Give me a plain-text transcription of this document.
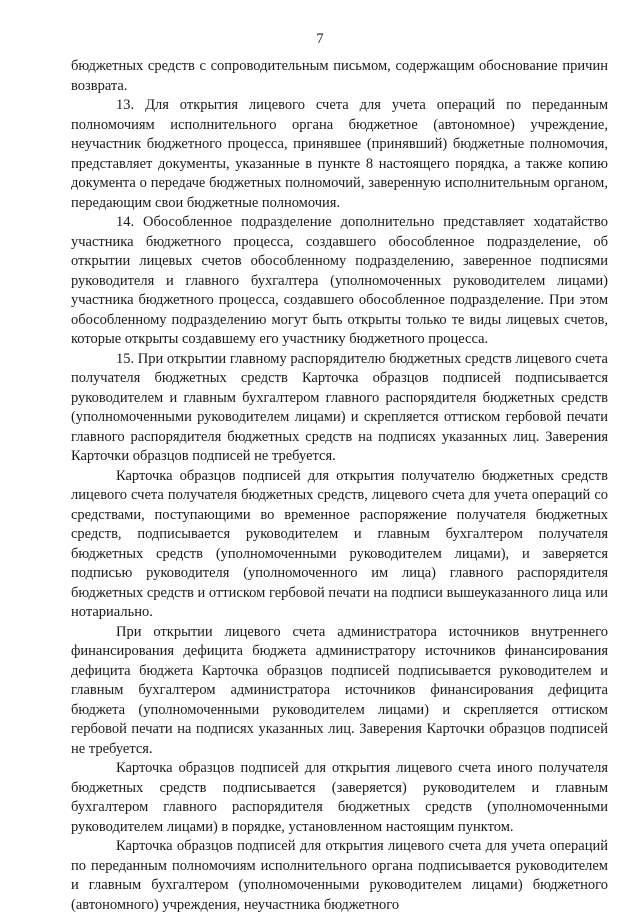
7

бюджетных средств с сопроводительным письмом, содержащим обоснование причин возврата.

13. Для открытия лицевого счета для учета операций по переданным полномочиям исполнительного органа бюджетное (автономное) учреждение, неучастник бюджетного процесса, принявшее (принявший) бюджетные полномочия, представляет документы, указанные в пункте 8 настоящего порядка, а также копию документа о передаче бюджетных полномочий, заверенную исполнительным органом, передающим свои бюджетные полномочия.

14. Обособленное подразделение дополнительно представляет ходатайство участника бюджетного процесса, создавшего обособленное подразделение, об открытии лицевых счетов обособленному подразделению, заверенное подписями руководителя и главного бухгалтера (уполномоченных руководителем лицами) участника бюджетного процесса, создавшего обособленное подразделение. При этом обособленному подразделению могут быть открыты только те виды лицевых счетов, которые открыты создавшему его участнику бюджетного процесса.

15. При открытии главному распорядителю бюджетных средств лицевого счета получателя бюджетных средств Карточка образцов подписей подписывается руководителем и главным бухгалтером главного распорядителя бюджетных средств (уполномоченными руководителем лицами) и скрепляется оттиском гербовой печати главного распорядителя бюджетных средств на подписях указанных лиц. Заверения Карточки образцов подписей не требуется.

Карточка образцов подписей для открытия получателю бюджетных средств лицевого счета получателя бюджетных средств, лицевого счета для учета операций со средствами, поступающими во временное распоряжение получателя бюджетных средств, подписывается руководителем и главным бухгалтером получателя бюджетных средств (уполномоченными руководителем лицами), и заверяется подписью руководителя (уполномоченного им лица) главного распорядителя бюджетных средств и оттиском гербовой печати на подписи вышеуказанного лица или нотариально.

При открытии лицевого счета администратора источников внутреннего финансирования дефицита бюджета администратору источников финансирования дефицита бюджета Карточка образцов подписей подписывается руководителем и главным бухгалтером администратора источников финансирования дефицита бюджета (уполномоченными руководителем лицами) и скрепляется оттиском гербовой печати на подписях указанных лиц. Заверения Карточки образцов подписей не требуется.

Карточка образцов подписей для открытия лицевого счета иного получателя бюджетных средств подписывается (заверяется) руководителем и главным бухгалтером главного распорядителя бюджетных средств (уполномоченными руководителем лицами) в порядке, установленном настоящим пунктом.

Карточка образцов подписей для открытия лицевого счета для учета операций по переданным полномочиям исполнительного органа подписывается руководителем и главным бухгалтером (уполномоченными руководителем лицами) бюджетного (автономного) учреждения, неучастника бюджетного
